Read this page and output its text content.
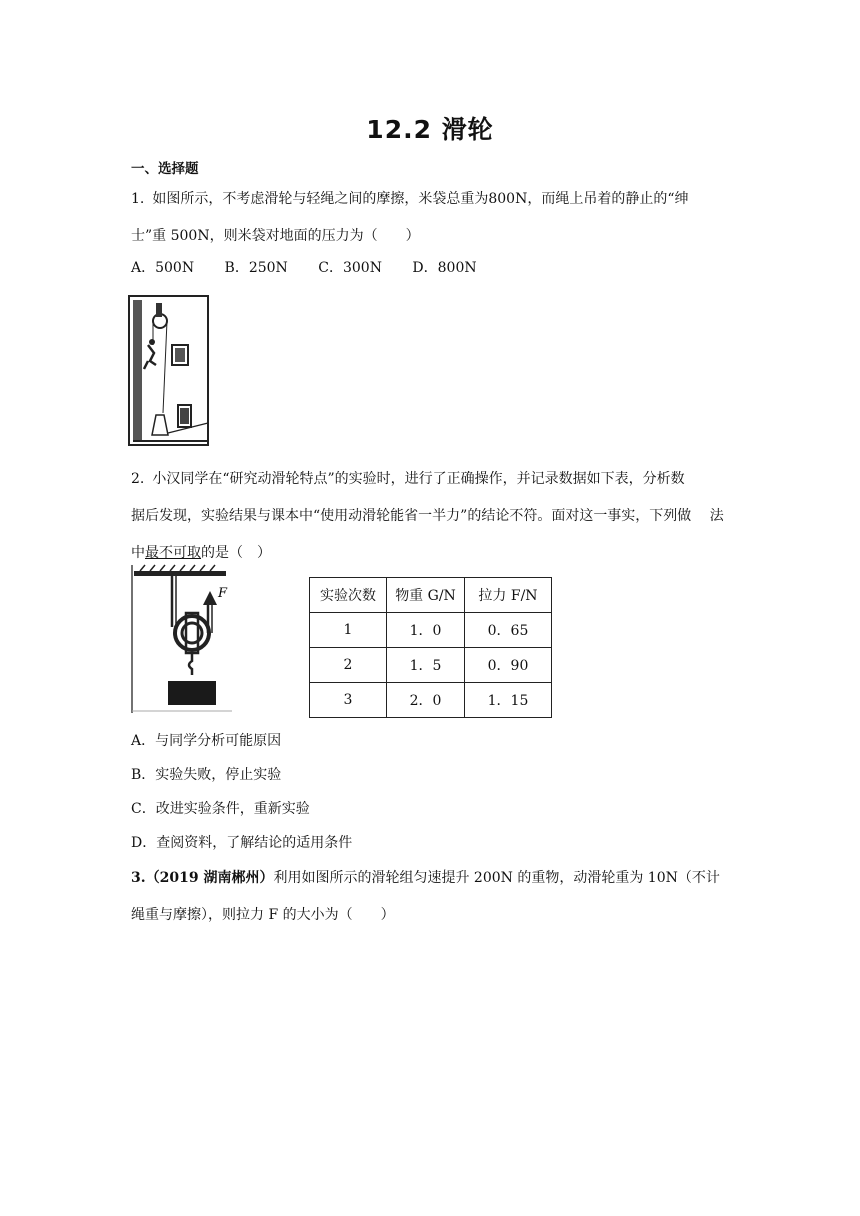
12.2 滑轮
一、选择题
1. 如图所示，不考虑滑轮与轻绳之间的摩擦，米袋总重为800N，而绳上吊着的静止的“绅
士”重 500N，则米袋对地面的压力为（　　）
A．500N B．250N C．300N D．800N
2. 小汉同学在“研究动滑轮特点”的实验时，进行了正确操作，并记录数据如下表，分析数
据后发现，实验结果与课本中“使用动滑轮能省一半力”的结论不符。面对这一事实，下列做　 法
中最不可取的是（　）
F	实验次数	物重 G/N	拉力 F/N
1	1．0	0．65
2	1．5	0．90
3	2．0	1．15
A．与同学分析可能原因
B．实验失败，停止实验
C．改进实验条件，重新实验
D．查阅资料，了解结论的适用条件
3.（2019 湖南郴州）利用如图所示的滑轮组匀速提升 200N 的重物，动滑轮重为 10N（不计
绳重与摩擦），则拉力 F 的大小为（　　）
